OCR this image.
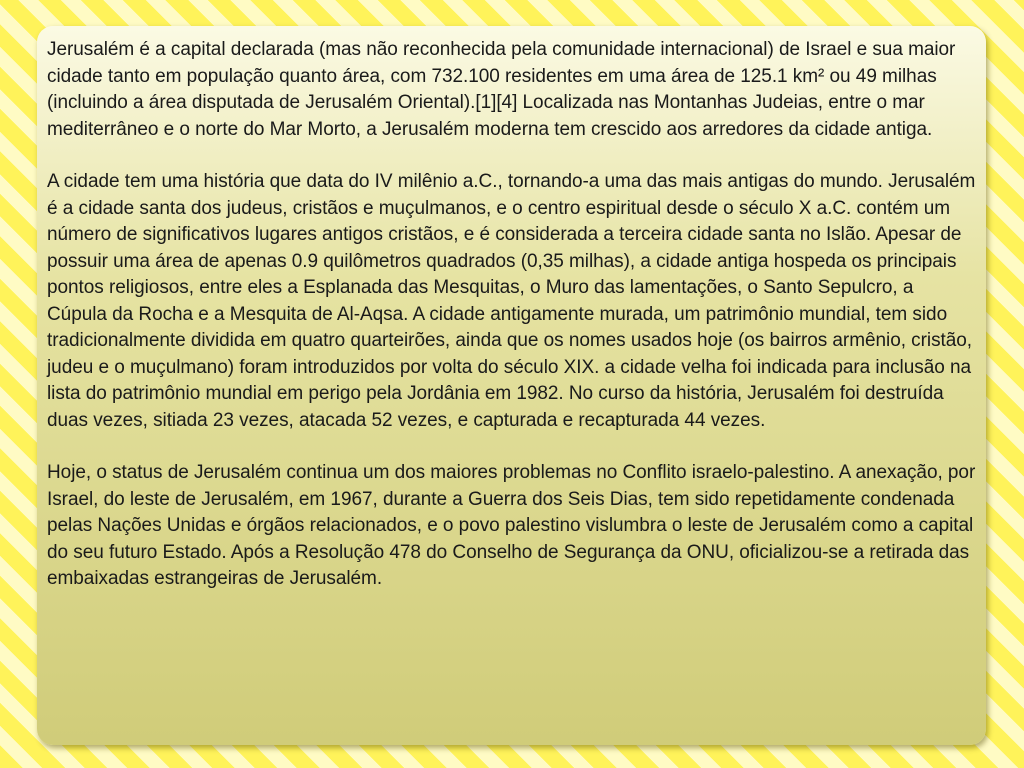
Jerusalém é a capital declarada (mas não reconhecida pela comunidade internacional) de Israel e sua maior cidade tanto em população quanto área, com 732.100 residentes em uma área de 125.1 km² ou 49 milhas (incluindo a área disputada de Jerusalém Oriental).[1][4] Localizada nas Montanhas Judeias, entre o mar mediterrâneo e o norte do Mar Morto, a Jerusalém moderna tem crescido aos arredores da cidade antiga.

A cidade tem uma história que data do IV milênio a.C., tornando-a uma das mais antigas do mundo. Jerusalém é a cidade santa dos judeus, cristãos e muçulmanos, e o centro espiritual desde o século X a.C. contém um número de significativos lugares antigos cristãos, e é considerada a terceira cidade santa no Islão. Apesar de possuir uma área de apenas 0.9 quilômetros quadrados (0,35 milhas), a cidade antiga hospeda os principais pontos religiosos, entre eles a Esplanada das Mesquitas, o Muro das lamentações, o Santo Sepulcro, a Cúpula da Rocha e a Mesquita de Al-Aqsa. A cidade antigamente murada, um patrimônio mundial, tem sido tradicionalmente dividida em quatro quarteirões, ainda que os nomes usados hoje (os bairros armênio, cristão, judeu e o muçulmano) foram introduzidos por volta do século XIX. a cidade velha foi indicada para inclusão na lista do patrimônio mundial em perigo pela Jordânia em 1982. No curso da história, Jerusalém foi destruída duas vezes, sitiada 23 vezes, atacada 52 vezes, e capturada e recapturada 44 vezes.

Hoje, o status de Jerusalém continua um dos maiores problemas no Conflito israelo-palestino. A anexação, por Israel, do leste de Jerusalém, em 1967, durante a Guerra dos Seis Dias, tem sido repetidamente condenada pelas Nações Unidas e órgãos relacionados, e o povo palestino vislumbra o leste de Jerusalém como a capital do seu futuro Estado. Após a Resolução 478 do Conselho de Segurança da ONU, oficializou-se a retirada das embaixadas estrangeiras de Jerusalém.
